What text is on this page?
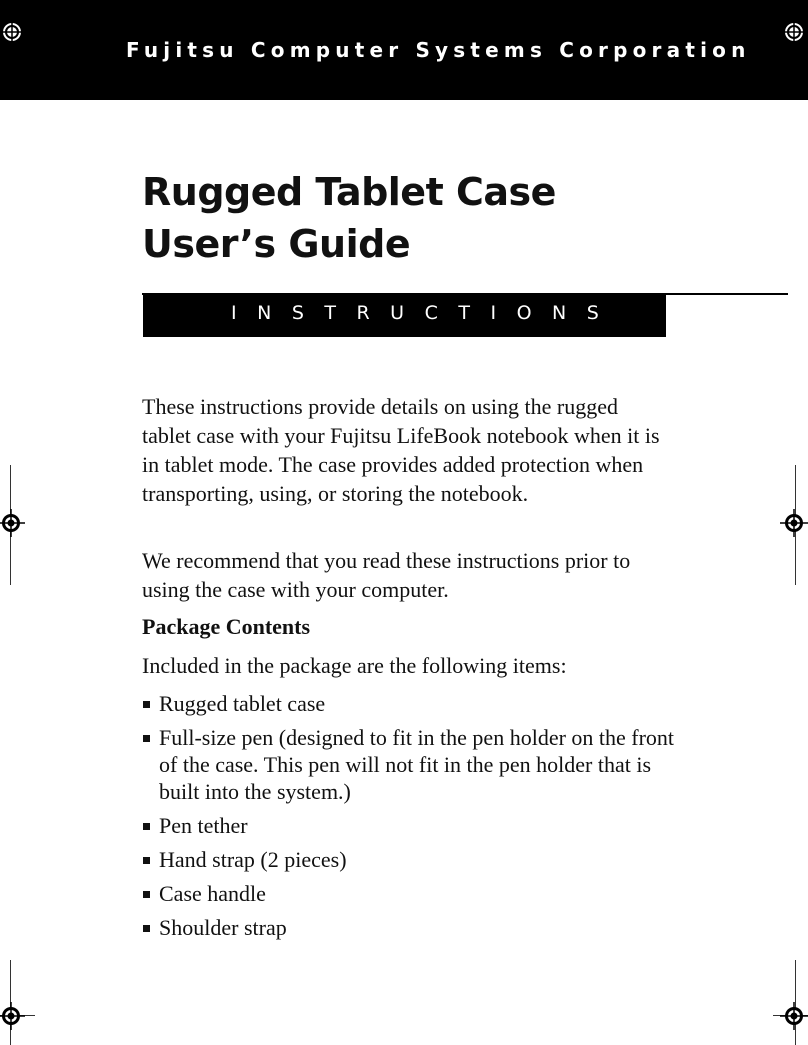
Fujitsu Computer Systems Corporation
Rugged Tablet Case
User’s Guide
INSTRUCTIONS

These instructions provide details on using the rugged tablet case with your Fujitsu LifeBook notebook when it is in tablet mode. The case provides added protection when transporting, using, or storing the notebook.

We recommend that you read these instructions prior to using the case with your computer.

Package Contents

Included in the package are the following items:

Rugged tablet case
Full-size pen (designed to fit in the pen holder on the front of the case. This pen will not fit in the pen holder that is built into the system.)
Pen tether
Hand strap (2 pieces)
Case handle
Shoulder strap
